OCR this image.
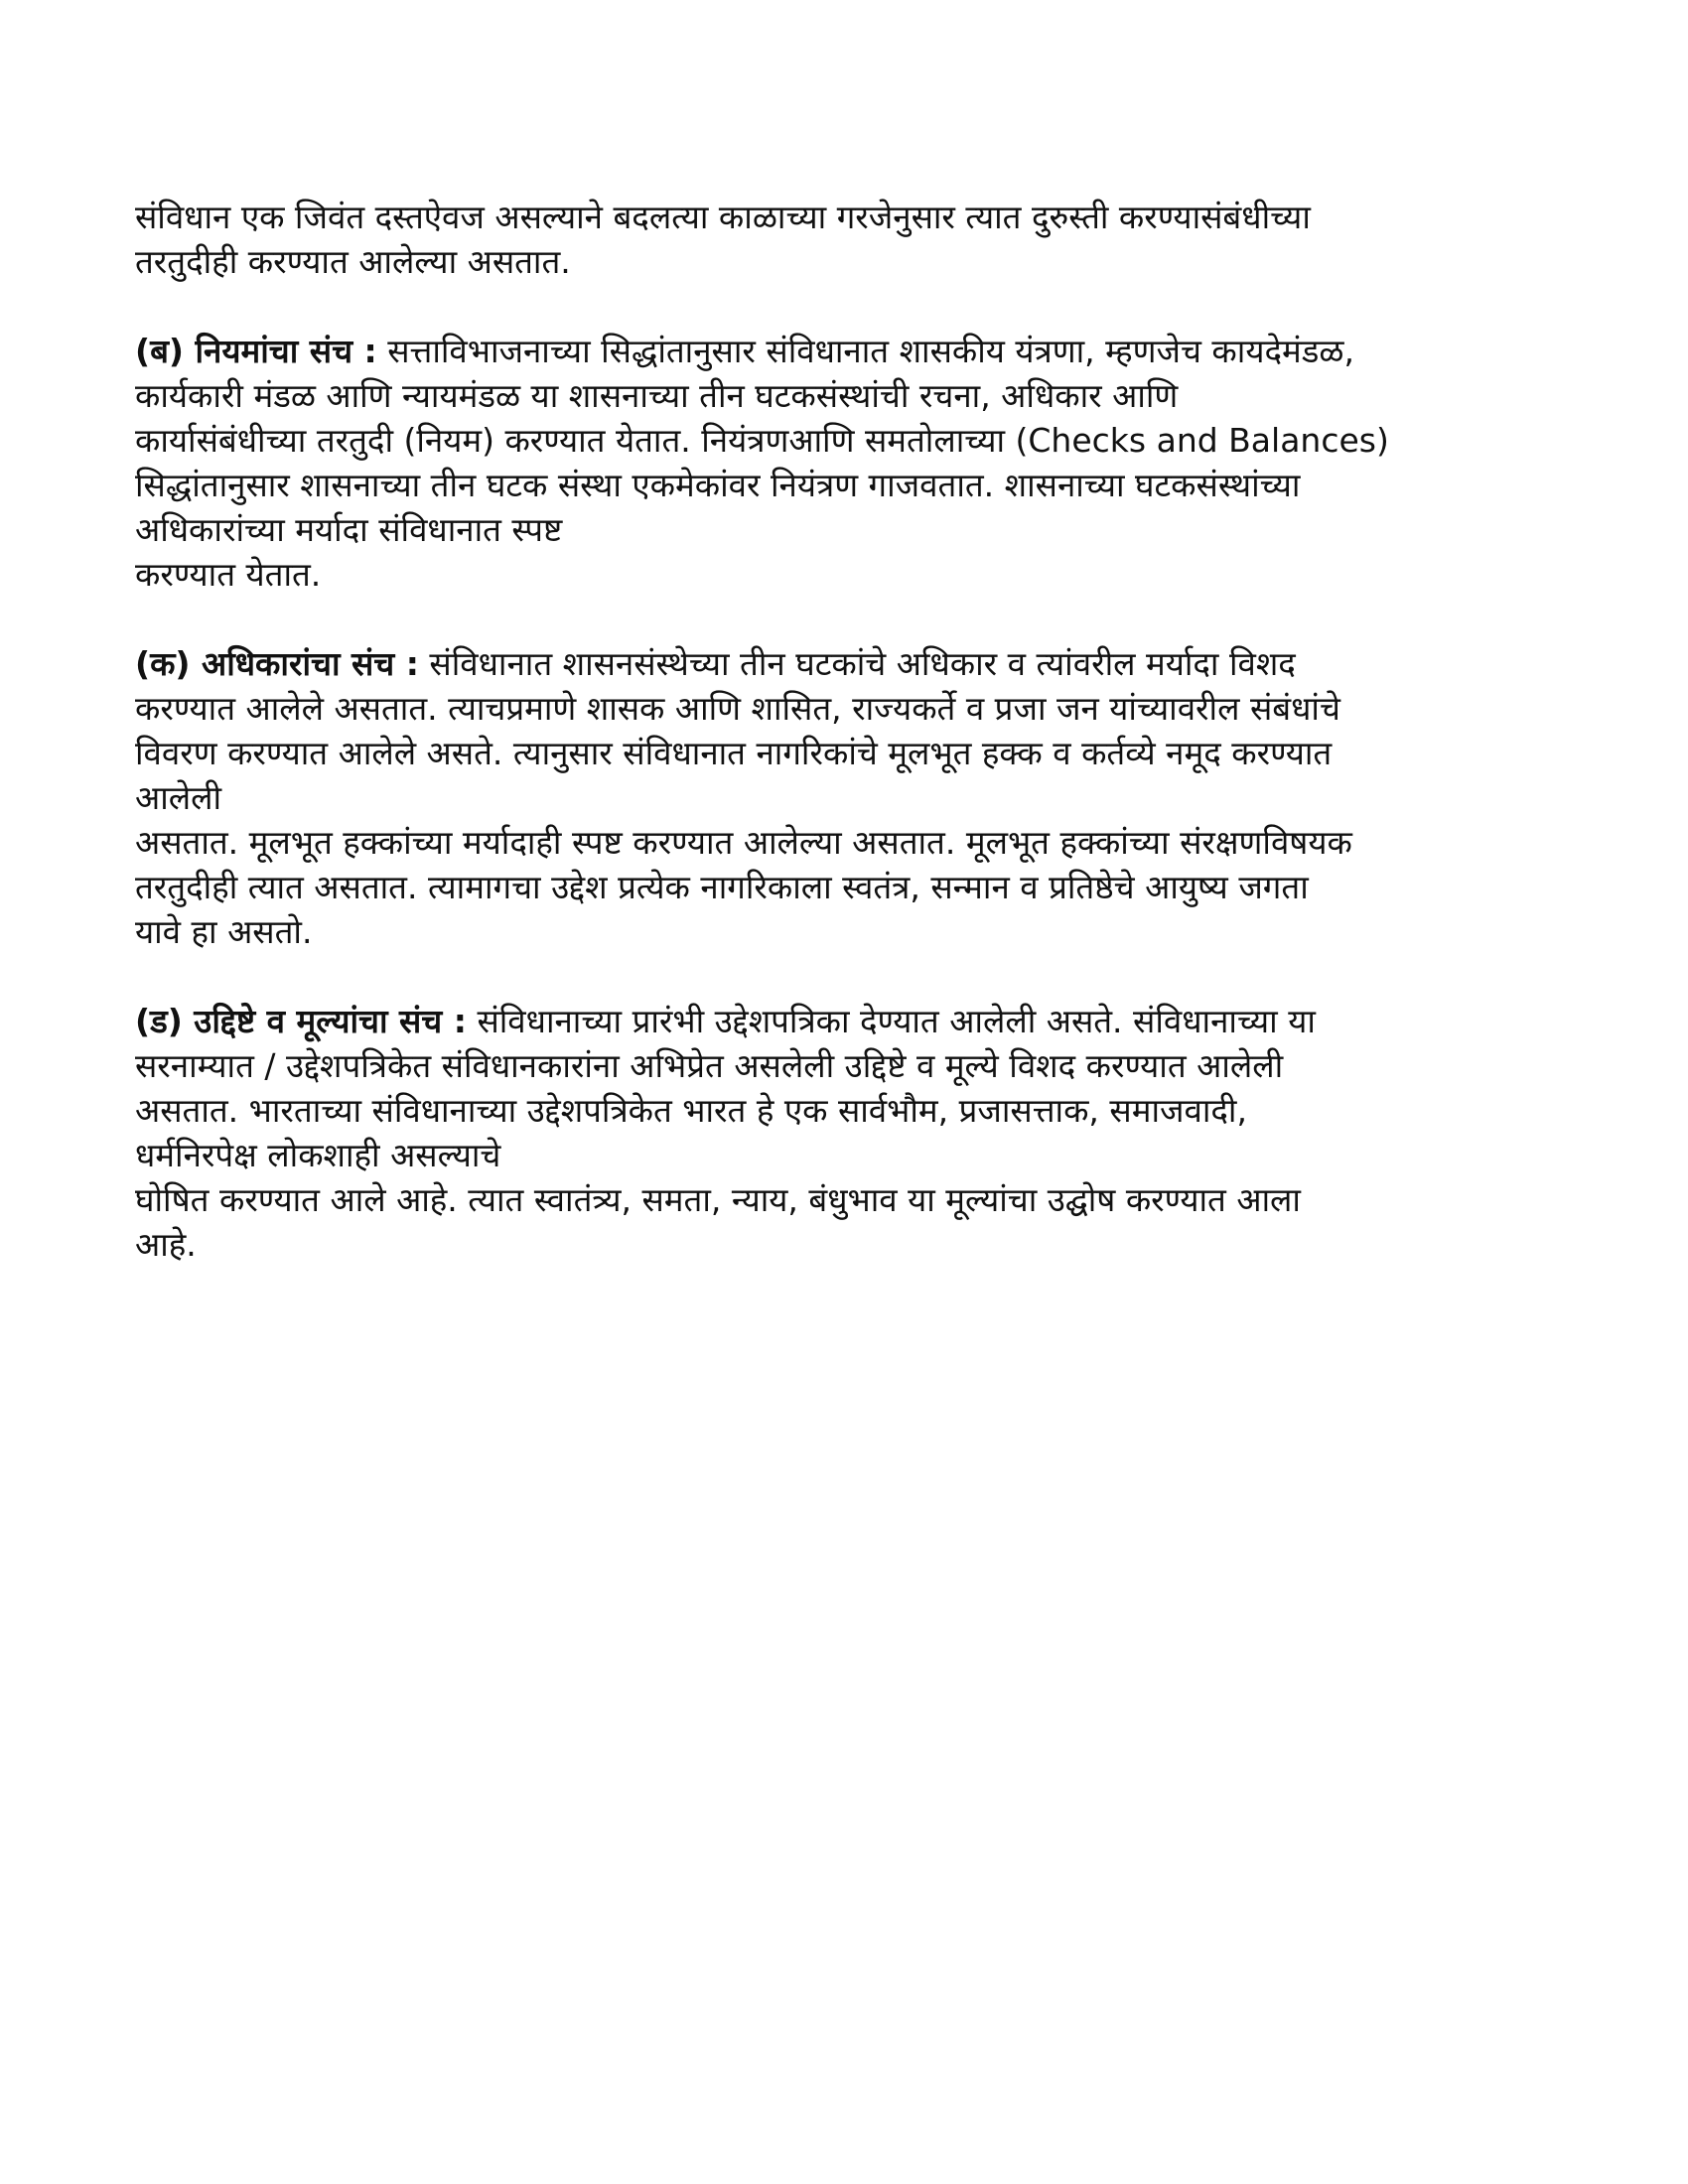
संविधान एक जिवंत दस्तऐवज असल्याने बदलत्या काळाच्या गरजेनुसार त्यात दुरुस्ती करण्यासंबंधीच्या
तरतुदीही करण्यात आलेल्या असतात.
(ब) नियमांचा संच : सत्ताविभाजनाच्या सिद्धांतानुसार संविधानात शासकीय यंत्रणा, म्हणजेच कायदेमंडळ,
कार्यकारी मंडळ आणि न्यायमंडळ या शासनाच्या तीन घटकसंस्थांची रचना, अधिकार आणि
कार्यासंबंधीच्या तरतुदी (नियम) करण्यात येतात. नियंत्रणआणि समतोलाच्या (Checks and Balances)
सिद्धांतानुसार शासनाच्या तीन घटक संस्था एकमेकांवर नियंत्रण गाजवतात. शासनाच्या घटकसंस्थांच्या
अधिकारांच्या मर्यादा संविधानात स्पष्ट
करण्यात येतात.
(क) अधिकारांचा संच : संविधानात शासनसंस्थेच्या तीन घटकांचे अधिकार व त्यांवरील मर्यादा विशद
करण्यात आलेले असतात. त्याचप्रमाणे शासक आणि शासित, राज्यकर्ते व प्रजा जन यांच्यावरील संबंधांचे
विवरण करण्यात आलेले असते. त्यानुसार संविधानात नागरिकांचे मूलभूत हक्क व कर्तव्ये नमूद करण्यात
आलेली
असतात. मूलभूत हक्कांच्या मर्यादाही स्पष्ट करण्यात आलेल्या असतात. मूलभूत हक्कांच्या संरक्षणविषयक
तरतुदीही त्यात असतात. त्यामागचा उद्देश प्रत्येक नागरिकाला स्वतंत्र, सन्मान व प्रतिष्ठेचे आयुष्य जगता
यावे हा असतो.
(ड) उद्दिष्टे व मूल्यांचा संच : संविधानाच्या प्रारंभी उद्देशपत्रिका देण्यात आलेली असते. संविधानाच्या या
सरनाम्यात / उद्देशपत्रिकेत संविधानकारांना अभिप्रेत असलेली उद्दिष्टे व मूल्ये विशद करण्यात आलेली
असतात. भारताच्या संविधानाच्या उद्देशपत्रिकेत भारत हे एक सार्वभौम, प्रजासत्ताक, समाजवादी,
धर्मनिरपेक्ष लोकशाही असल्याचे
घोषित करण्यात आले आहे. त्यात स्वातंत्र्य, समता, न्याय, बंधुभाव या मूल्यांचा उद्घोष करण्यात आला
आहे.
